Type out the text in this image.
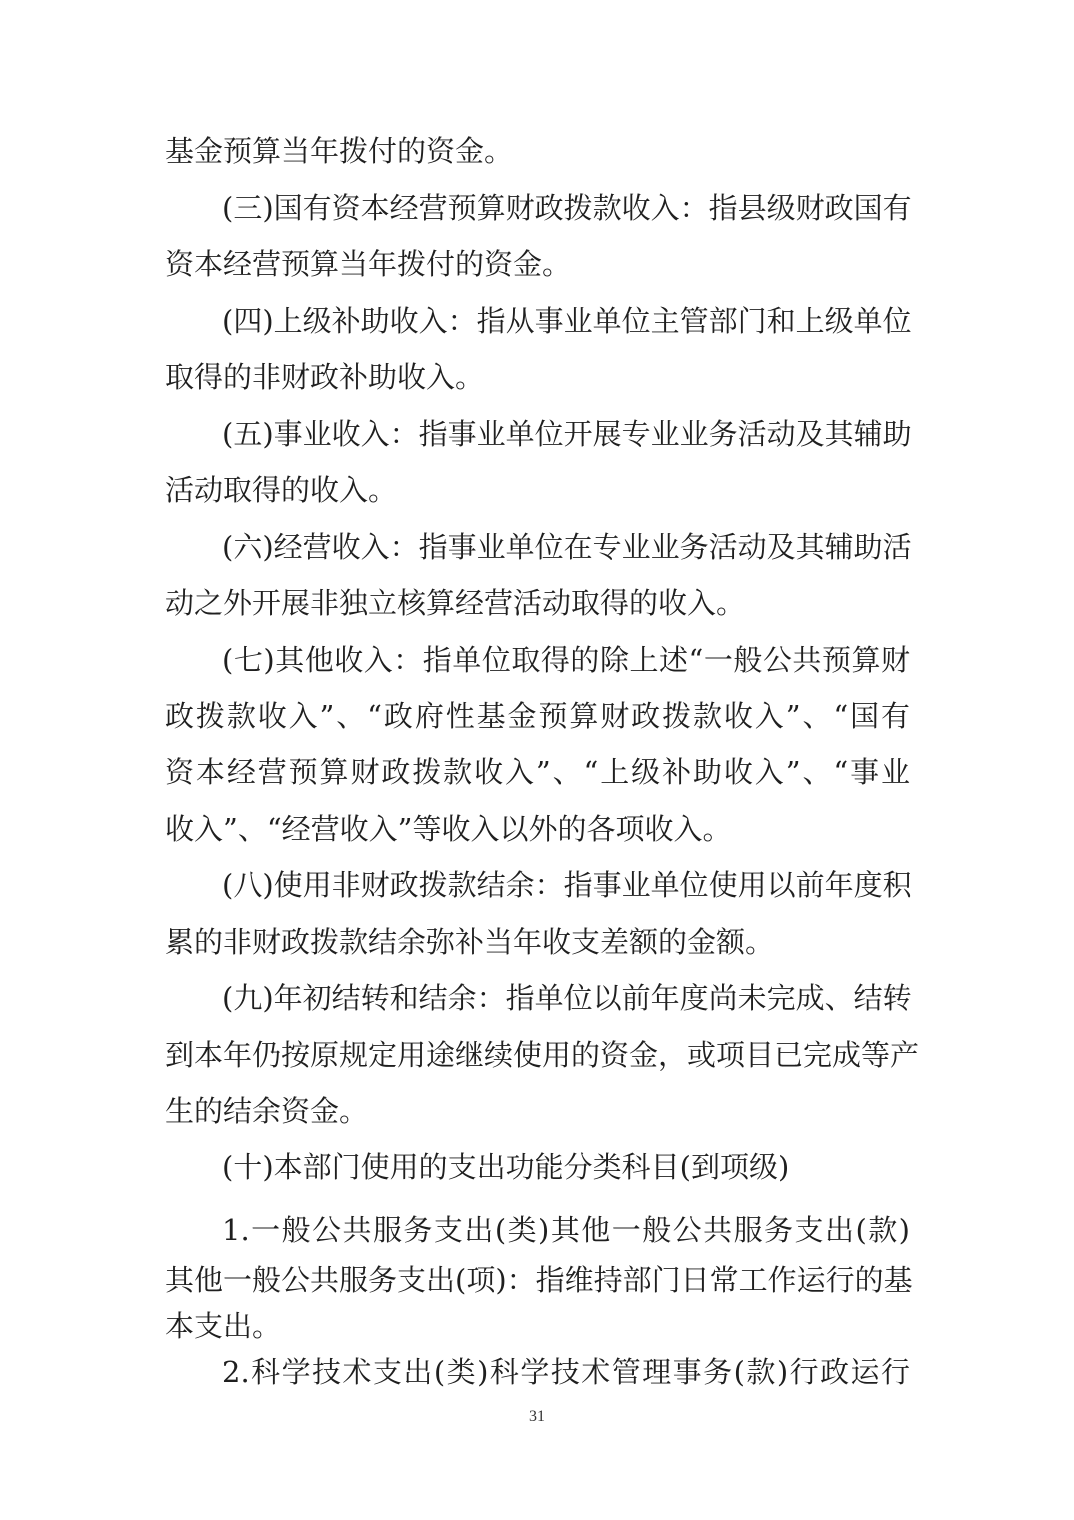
基金预算当年拨付的资金。
(三)国有资本经营预算财政拨款收入：指县级财政国有
资本经营预算当年拨付的资金。
(四)上级补助收入：指从事业单位主管部门和上级单位
取得的非财政补助收入。
(五)事业收入：指事业单位开展专业业务活动及其辅助
活动取得的收入。
(六)经营收入：指事业单位在专业业务活动及其辅助活
动之外开展非独立核算经营活动取得的收入。
(七)其他收入：指单位取得的除上述“一般公共预算财
政拨款收入”、“政府性基金预算财政拨款收入”、“国有
资本经营预算财政拨款收入”、“上级补助收入”、“事业
收入”、“经营收入”等收入以外的各项收入。
(八)使用非财政拨款结余：指事业单位使用以前年度积
累的非财政拨款结余弥补当年收支差额的金额。
(九)年初结转和结余：指单位以前年度尚未完成、结转
到本年仍按原规定用途继续使用的资金，或项目已完成等产
生的结余资金。
(十)本部门使用的支出功能分类科目(到项级)
1.一般公共服务支出(类)其他一般公共服务支出(款)
其他一般公共服务支出(项)：指维持部门日常工作运行的基
本支出。
2.科学技术支出(类)科学技术管理事务(款)行政运行
31
